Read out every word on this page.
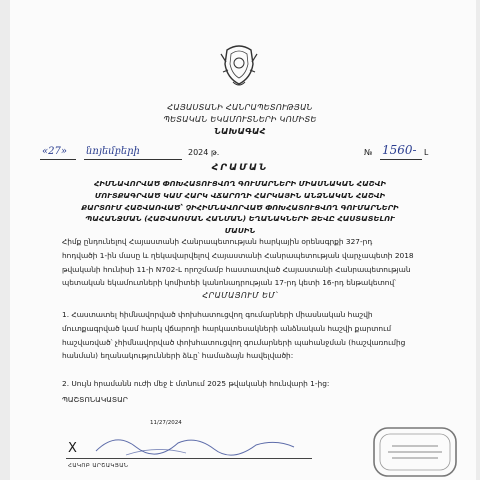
ՀԱՅԱՍՏԱՆԻ ՀԱՆՐԱՊԵՏՈՒԹՅԱՆ
ՊԵՏԱԿԱՆ ԵԿԱՄՈՒՏՆԵՐԻ ԿՈՄԻՏԵ
ՆԱԽԱԳԱՀ
«27» նոյեմբերի	2024 թ.	№ 1560- Լ
ՀՐԱՄԱՆ
ՀԻՄՆԱՎՈՐՎԱԾ ՓՈԽՀԱՏՈՒՑՎՈՂ ԳՈՒՄԱՐՆԵՐԻ ՄԻԱՍՆԱԿԱՆ ՀԱՇՎԻ
ՄՈՒՏՔԱԳՐՎԱԾ ԿԱՄ ՀԱՐԿ ՎՃԱՐՈՂԻ ՀԱՐԿԱՅԻՆ ԱՆՁՆԱԿԱՆ ՀԱՇՎԻ
ՔԱՐՏՈՒՄ ՀԱՇՎԱՌՎԱԾ՝ ՉԻՀԻՄՆԱՎՈՐՎԱԾ ՓՈԽՀԱՏՈՒՑՎՈՂ ԳՈՒՄԱՐՆԵՐԻ
ՊԱՀԱՆՋՄԱՆ (ՀԱՇՎԱՌՄԱՆ ՀԱՆՄԱՆ) ԵՂԱՆԱԿՆԵՐԻ ՁԵՎԸ ՀԱՍՏԱՏԵԼՈՒ
ՄԱՍԻՆ
Հիմք ընդունելով Հայաստանի Հանրապետության հարկային օրենսգրքի 327-րդ
հոդվածի 1-ին մասը և ղեկավարվելով Հայաստանի Հանրապետության վարչապետի 2018
թվականի հունիսի 11-ի N702-Լ որոշմամբ հաստատված Հայաստանի Հանրապետության
պետական եկամուտների կոմիտեի կանոնադրության 17-րդ կետի 16-րդ ենթակետով՝
ՀՐԱՄԱՅՈՒՄ ԵՄ՝
1. Հաստատել հիմնավորված փոխհատուցվող գումարների միասնական հաշվի
մուտքագրված կամ հարկ վճարողի հարկատեսակների անձնական հաշվի քարտում
հաշվառված՝ չհիմնավորված փոխհատուցվող գումարների պահանջման (հաշվառումից
հանման) եղանակությունների ձևը՝ համաձայն հավելվածի:
2. Սույն հրամանն ուժի մեջ է մտնում 2025 թվականի հունվարի 1-ից:
ՊԱՇՏՈՆԱԿԱՏԱՐ
11/27/2024
X
ՀԱԿՈԲ ԱՐՇԱԿՅԱՆ
